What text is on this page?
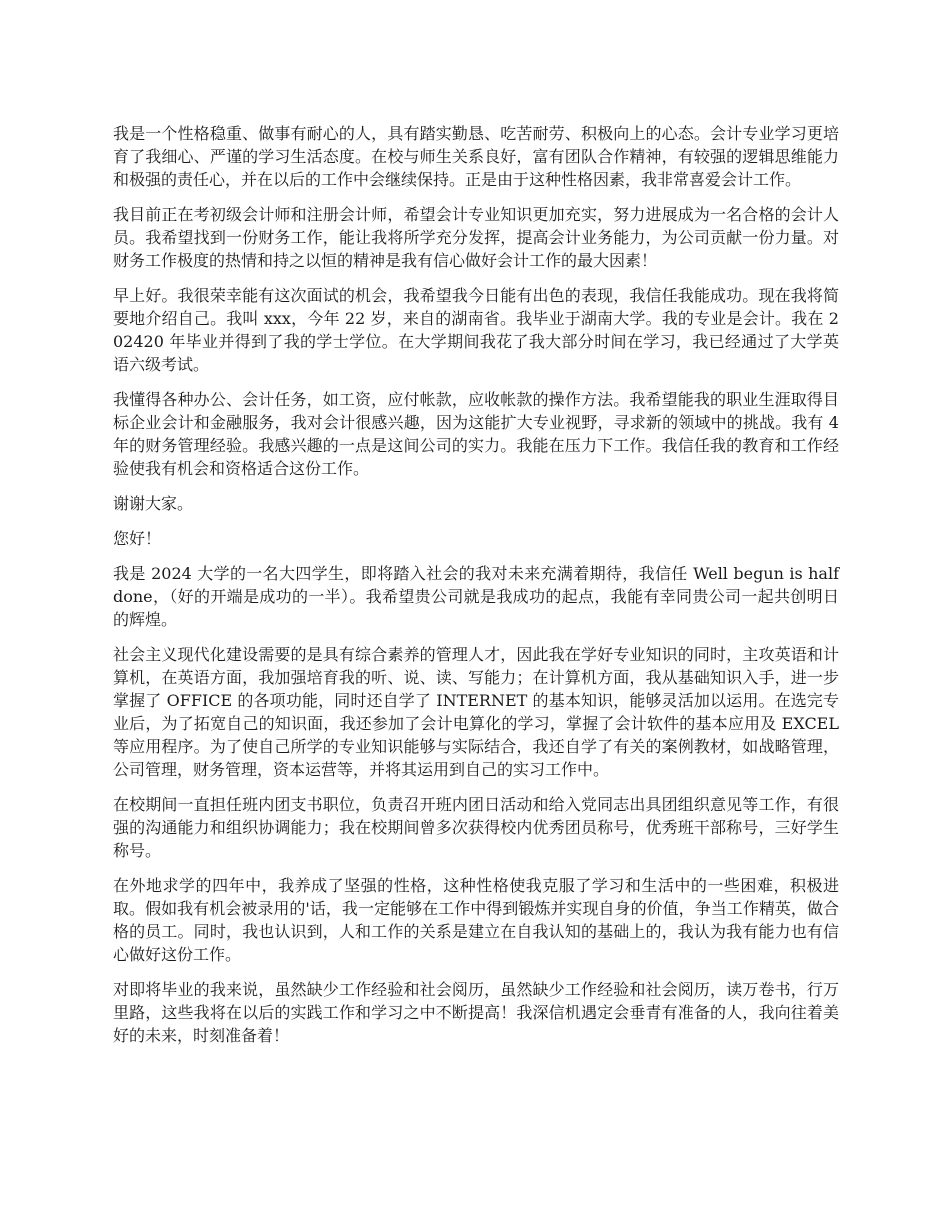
我是一个性格稳重、做事有耐心的人，具有踏实勤恳、吃苦耐劳、积极向上的心态。会计专业学习更培育了我细心、严谨的学习生活态度。在校与师生关系良好，富有团队合作精神，有较强的逻辑思维能力和极强的责任心，并在以后的工作中会继续保持。正是由于这种性格因素，我非常喜爱会计工作。

我目前正在考初级会计师和注册会计师，希望会计专业知识更加充实，努力进展成为一名合格的会计人员。我希望找到一份财务工作，能让我将所学充分发挥，提高会计业务能力，为公司贡献一份力量。对财务工作极度的热情和持之以恒的精神是我有信心做好会计工作的最大因素！

早上好。我很荣幸能有这次面试的机会，我希望我今日能有出色的表现，我信任我能成功。现在我将简要地介绍自己。我叫 xxx，今年 22 岁，来自的湖南省。我毕业于湖南大学。我的专业是会计。我在 202420 年毕业并得到了我的学士学位。在大学期间我花了我大部分时间在学习，我已经通过了大学英语六级考试。

我懂得各种办公、会计任务，如工资，应付帐款，应收帐款的操作方法。我希望能我的职业生涯取得目标企业会计和金融服务，我对会计很感兴趣，因为这能扩大专业视野，寻求新的领域中的挑战。我有 4 年的财务管理经验。我感兴趣的一点是这间公司的实力。我能在压力下工作。我信任我的教育和工作经验使我有机会和资格适合这份工作。

谢谢大家。

您好！

我是 2024 大学的一名大四学生，即将踏入社会的我对未来充满着期待，我信任 Well begun is half done，（好的开端是成功的一半）。我希望贵公司就是我成功的起点，我能有幸同贵公司一起共创明日的辉煌。

社会主义现代化建设需要的是具有综合素养的管理人才，因此我在学好专业知识的同时，主攻英语和计算机，在英语方面，我加强培育我的听、说、读、写能力；在计算机方面，我从基础知识入手，进一步掌握了 OFFICE 的各项功能，同时还自学了 INTERNET 的基本知识，能够灵活加以运用。在选完专业后，为了拓宽自己的知识面，我还参加了会计电算化的学习，掌握了会计软件的基本应用及 EXCEL 等应用程序。为了使自己所学的专业知识能够与实际结合，我还自学了有关的案例教材，如战略管理，公司管理，财务管理，资本运营等，并将其运用到自己的实习工作中。

在校期间一直担任班内团支书职位，负责召开班内团日活动和给入党同志出具团组织意见等工作，有很强的沟通能力和组织协调能力；我在校期间曾多次获得校内优秀团员称号，优秀班干部称号，三好学生称号。

在外地求学的四年中，我养成了坚强的性格，这种性格使我克服了学习和生活中的一些困难，积极进取。假如我有机会被录用的'话，我一定能够在工作中得到锻炼并实现自身的价值，争当工作精英，做合格的员工。同时，我也认识到，人和工作的关系是建立在自我认知的基础上的，我认为我有能力也有信心做好这份工作。

对即将毕业的我来说，虽然缺少工作经验和社会阅历，虽然缺少工作经验和社会阅历，读万卷书，行万里路，这些我将在以后的实践工作和学习之中不断提高！我深信机遇定会垂青有准备的人，我向往着美好的未来，时刻准备着！
